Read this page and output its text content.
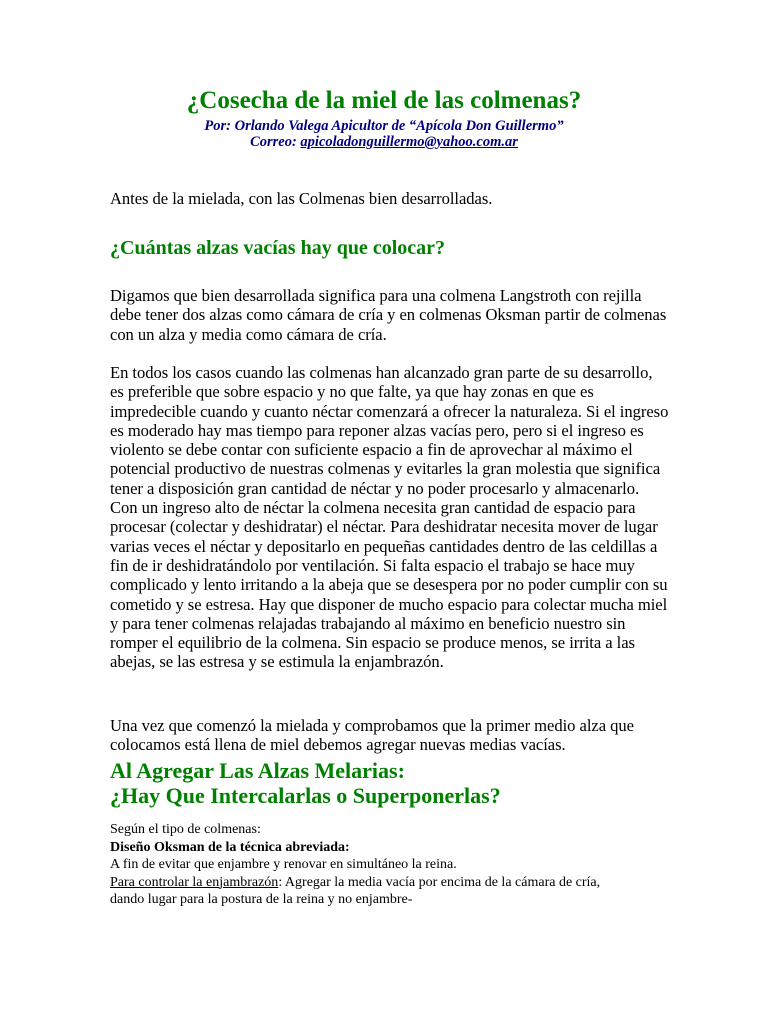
¿Cosecha de la miel de las colmenas?

Por: Orlando Valega Apicultor de “Apícola Don Guillermo”

Correo: apicoladonguillermo@yahoo.com.ar

Antes de la mielada, con las Colmenas bien desarrolladas.

¿Cuántas alzas vacías hay que colocar?

Digamos que bien desarrollada significa para una colmena Langstroth con rejilla debe tener dos alzas como cámara de cría y en colmenas Oksman partir de colmenas con un alza y media como cámara de cría.

En todos los casos cuando las colmenas han alcanzado gran parte de su desarrollo, es preferible que sobre espacio y no que falte, ya que hay zonas en que es impredecible cuando y cuanto néctar comenzará a ofrecer la naturaleza. Si el ingreso es moderado hay mas tiempo para reponer alzas vacías pero, pero si el ingreso es violento se debe contar con suficiente espacio a fin de aprovechar al máximo el potencial productivo de nuestras colmenas y evitarles la gran molestia que significa tener a disposición gran cantidad de néctar y no poder procesarlo y almacenarlo. Con un ingreso alto de néctar la colmena necesita gran cantidad de espacio para procesar (colectar y deshidratar) el néctar. Para deshidratar necesita mover de lugar varias veces el néctar y depositarlo en pequeñas cantidades dentro de las celdillas a fin de ir deshidratándolo por ventilación. Si falta espacio el trabajo se hace muy complicado y lento irritando a la abeja que se desespera por no poder cumplir con su cometido y se estresa. Hay que disponer de mucho espacio para colectar mucha miel y para tener colmenas relajadas trabajando al máximo en beneficio nuestro sin romper el equilibrio de la colmena. Sin espacio se produce menos, se irrita a las abejas, se las estresa y se estimula la enjambrazón.

Una vez que comenzó la mielada y comprobamos que la primer medio alza que colocamos está llena de miel debemos agregar nuevas medias vacías.

Al Agregar Las Alzas Melarias:
¿Hay Que Intercalarlas o Superponerlas?
Según el tipo de colmenas:
Diseño Oksman de la técnica abreviada:
A fin de evitar que enjambre y renovar en simultáneo la reina.
Para controlar la enjambrazón: Agregar la media vacía por encima de la cámara de cría,
dando lugar para la postura de la reina y no enjambre-
